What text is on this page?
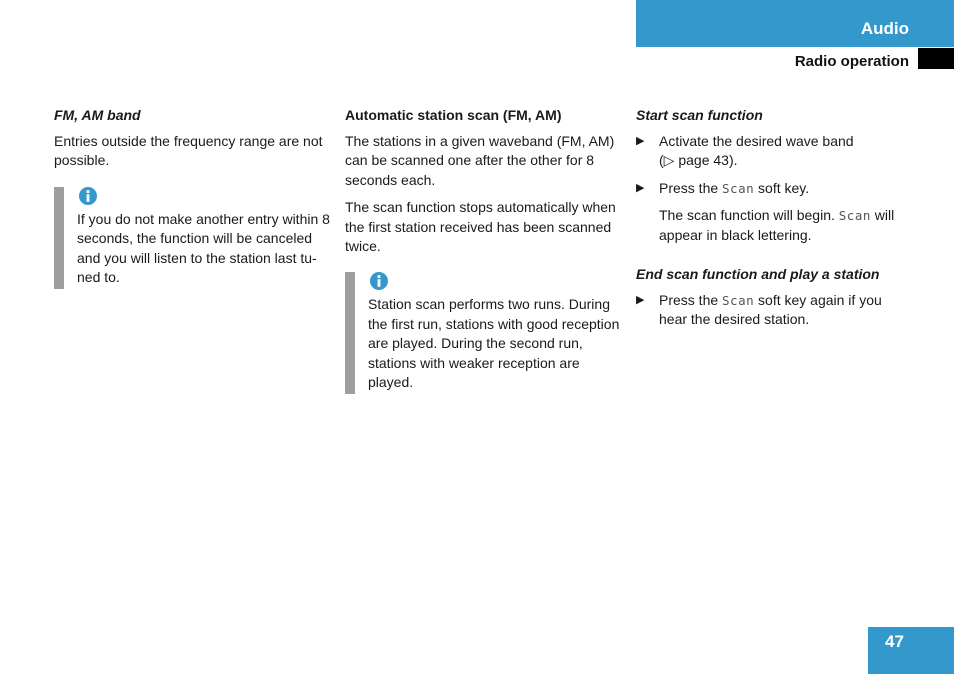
Audio
Radio operation
FM, AM band

Entries outside the frequency range are not possible.

If you do not make another entry within 8 seconds, the function will be canceled and you will listen to the station last tu-ned to.
Automatic station scan (FM, AM)

The stations in a given waveband (FM, AM) can be scanned one after the other for 8 seconds each.

The scan function stops automatically when the first station received has been scanned twice.

Station scan performs two runs. During the first run, stations with good reception are played. During the second run, stations with weaker reception are played.
Start scan function
▶ Activate the desired wave band
(▷ page 43).
▶ Press the Scan soft key.
The scan function will begin. Scan will appear in black lettering.
End scan function and play a station
▶ Press the Scan soft key again if you hear the desired station.
47
